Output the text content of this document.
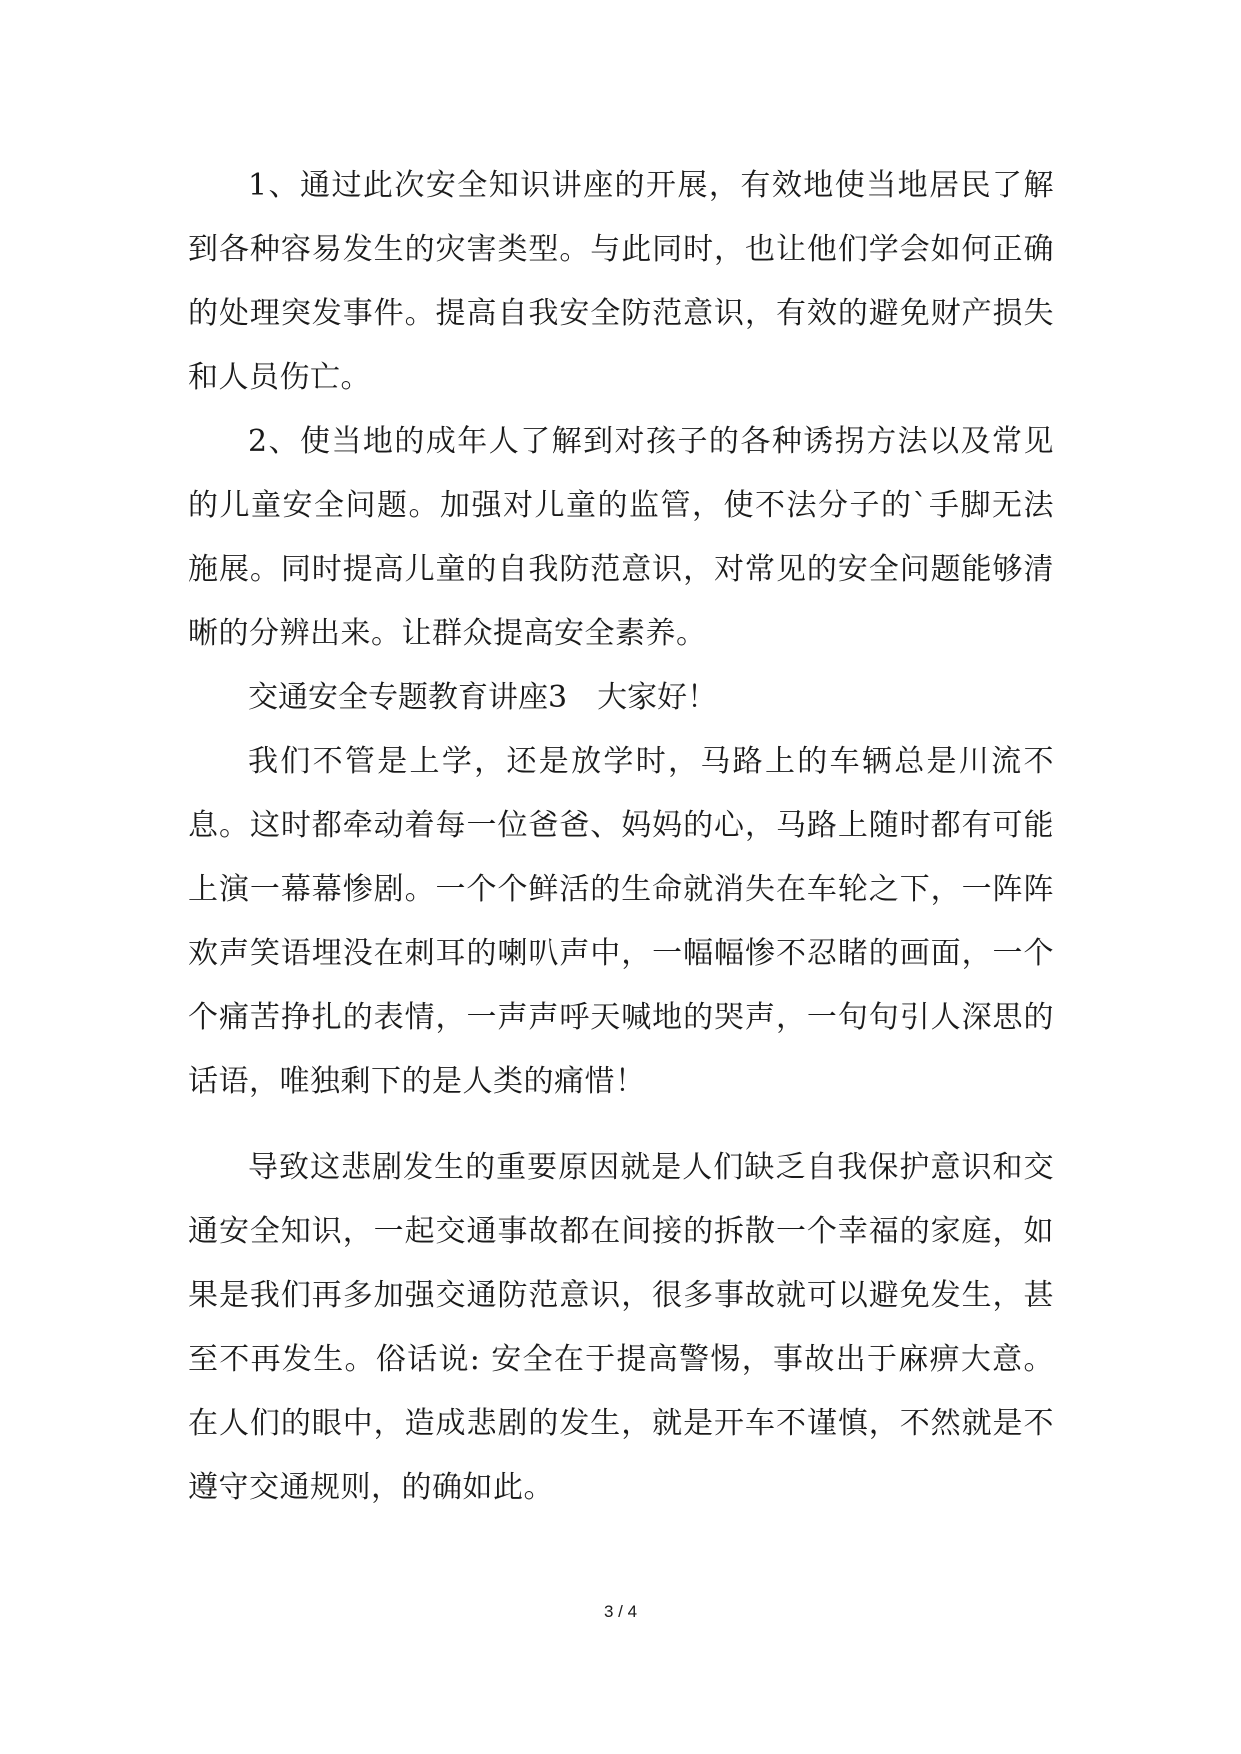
1、通过此次安全知识讲座的开展，有效地使当地居民了解到各种容易发生的灾害类型。与此同时，也让他们学会如何正确的处理突发事件。提高自我安全防范意识，有效的避免财产损失和人员伤亡。

2、使当地的成年人了解到对孩子的各种诱拐方法以及常见的儿童安全问题。加强对儿童的监管，使不法分子的`手脚无法施展。同时提高儿童的自我防范意识，对常见的安全问题能够清晰的分辨出来。让群众提高安全素养。

交通安全专题教育讲座3　大家好！

我们不管是上学，还是放学时，马路上的车辆总是川流不息。这时都牵动着每一位爸爸、妈妈的心，马路上随时都有可能上演一幕幕惨剧。一个个鲜活的生命就消失在车轮之下，一阵阵欢声笑语埋没在刺耳的喇叭声中，一幅幅惨不忍睹的画面，一个个痛苦挣扎的表情，一声声呼天喊地的哭声，一句句引人深思的话语，唯独剩下的是人类的痛惜！

导致这悲剧发生的重要原因就是人们缺乏自我保护意识和交通安全知识，一起交通事故都在间接的拆散一个幸福的家庭，如果是我们再多加强交通防范意识，很多事故就可以避免发生，甚至不再发生。俗话说: 安全在于提高警惕，事故出于麻痹大意。在人们的眼中，造成悲剧的发生，就是开车不谨慎，不然就是不遵守交通规则，的确如此。

3 / 4
